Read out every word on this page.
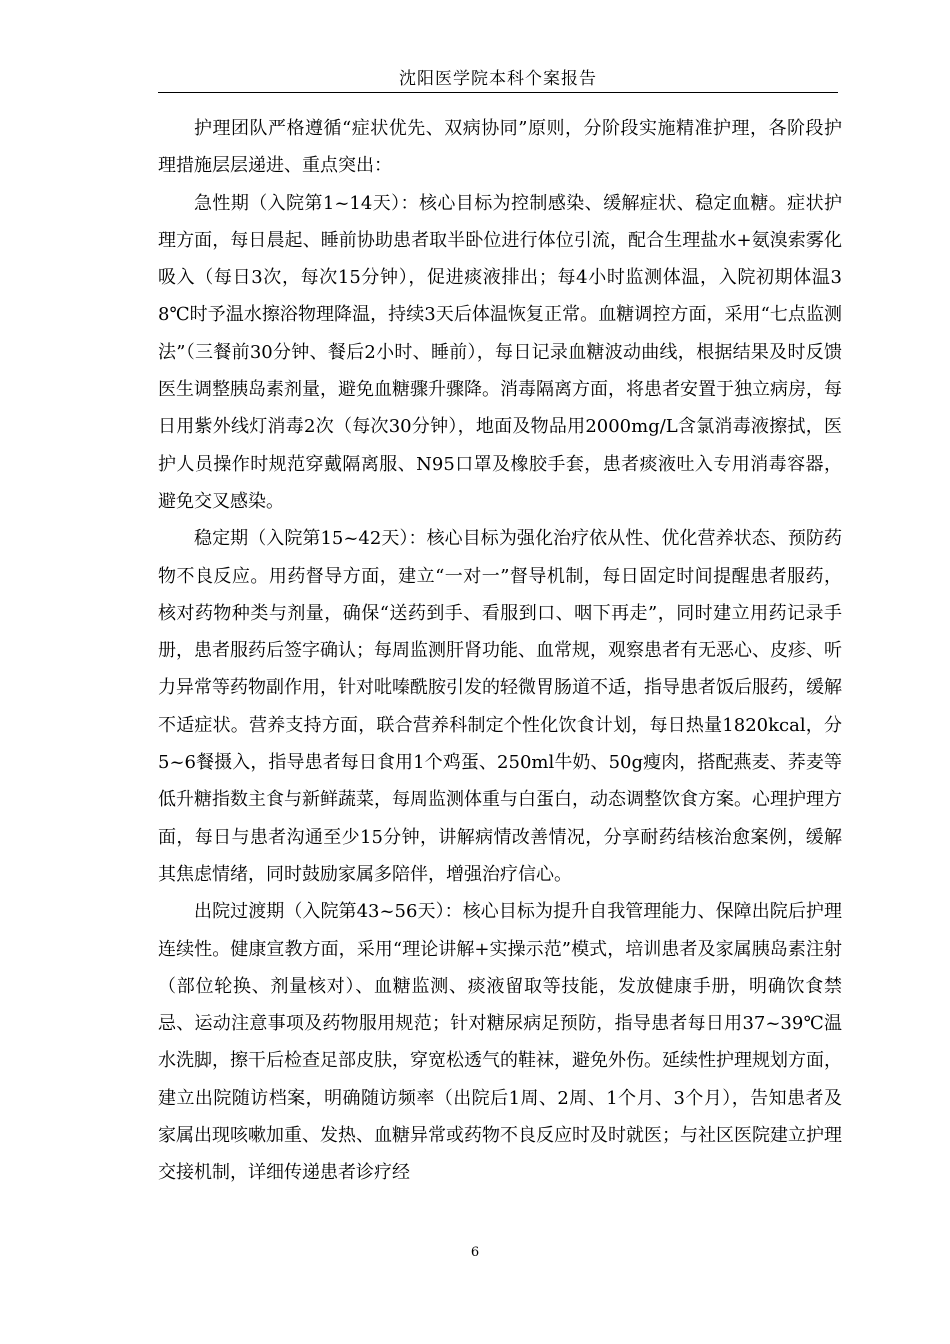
沈阳医学院本科个案报告

护理团队严格遵循“症状优先、双病协同”原则，分阶段实施精准护理，各阶段护理措施层层递进、重点突出：

急性期（入院第1~14天）：核心目标为控制感染、缓解症状、稳定血糖。症状护理方面，每日晨起、睡前协助患者取半卧位进行体位引流，配合生理盐水+氨溴索雾化吸入（每日3次，每次15分钟），促进痰液排出；每4小时监测体温，入院初期体温38℃时予温水擦浴物理降温，持续3天后体温恢复正常。血糖调控方面，采用“七点监测法”（三餐前30分钟、餐后2小时、睡前），每日记录血糖波动曲线，根据结果及时反馈医生调整胰岛素剂量，避免血糖骤升骤降。消毒隔离方面，将患者安置于独立病房，每日用紫外线灯消毒2次（每次30分钟），地面及物品用2000mg/L含氯消毒液擦拭，医护人员操作时规范穿戴隔离服、N95口罩及橡胶手套，患者痰液吐入专用消毒容器，避免交叉感染。

稳定期（入院第15~42天）：核心目标为强化治疗依从性、优化营养状态、预防药物不良反应。用药督导方面，建立“一对一”督导机制，每日固定时间提醒患者服药，核对药物种类与剂量，确保“送药到手、看服到口、咽下再走”，同时建立用药记录手册，患者服药后签字确认；每周监测肝肾功能、血常规，观察患者有无恶心、皮疹、听力异常等药物副作用，针对吡嗪酰胺引发的轻微胃肠道不适，指导患者饭后服药，缓解不适症状。营养支持方面，联合营养科制定个性化饮食计划，每日热量1820kcal，分5~6餐摄入，指导患者每日食用1个鸡蛋、250ml牛奶、50g瘦肉，搭配燕麦、荞麦等低升糖指数主食与新鲜蔬菜，每周监测体重与白蛋白，动态调整饮食方案。心理护理方面，每日与患者沟通至少15分钟，讲解病情改善情况，分享耐药结核治愈案例，缓解其焦虑情绪，同时鼓励家属多陪伴，增强治疗信心。

出院过渡期（入院第43~56天）：核心目标为提升自我管理能力、保障出院后护理连续性。健康宣教方面，采用“理论讲解+实操示范”模式，培训患者及家属胰岛素注射（部位轮换、剂量核对）、血糖监测、痰液留取等技能，发放健康手册，明确饮食禁忌、运动注意事项及药物服用规范；针对糖尿病足预防，指导患者每日用37~39℃温水洗脚，擦干后检查足部皮肤，穿宽松透气的鞋袜，避免外伤。延续性护理规划方面，建立出院随访档案，明确随访频率（出院后1周、2周、1个月、3个月），告知患者及家属出现咳嗽加重、发热、血糖异常或药物不良反应时及时就医；与社区医院建立护理交接机制，详细传递患者诊疗经

6
